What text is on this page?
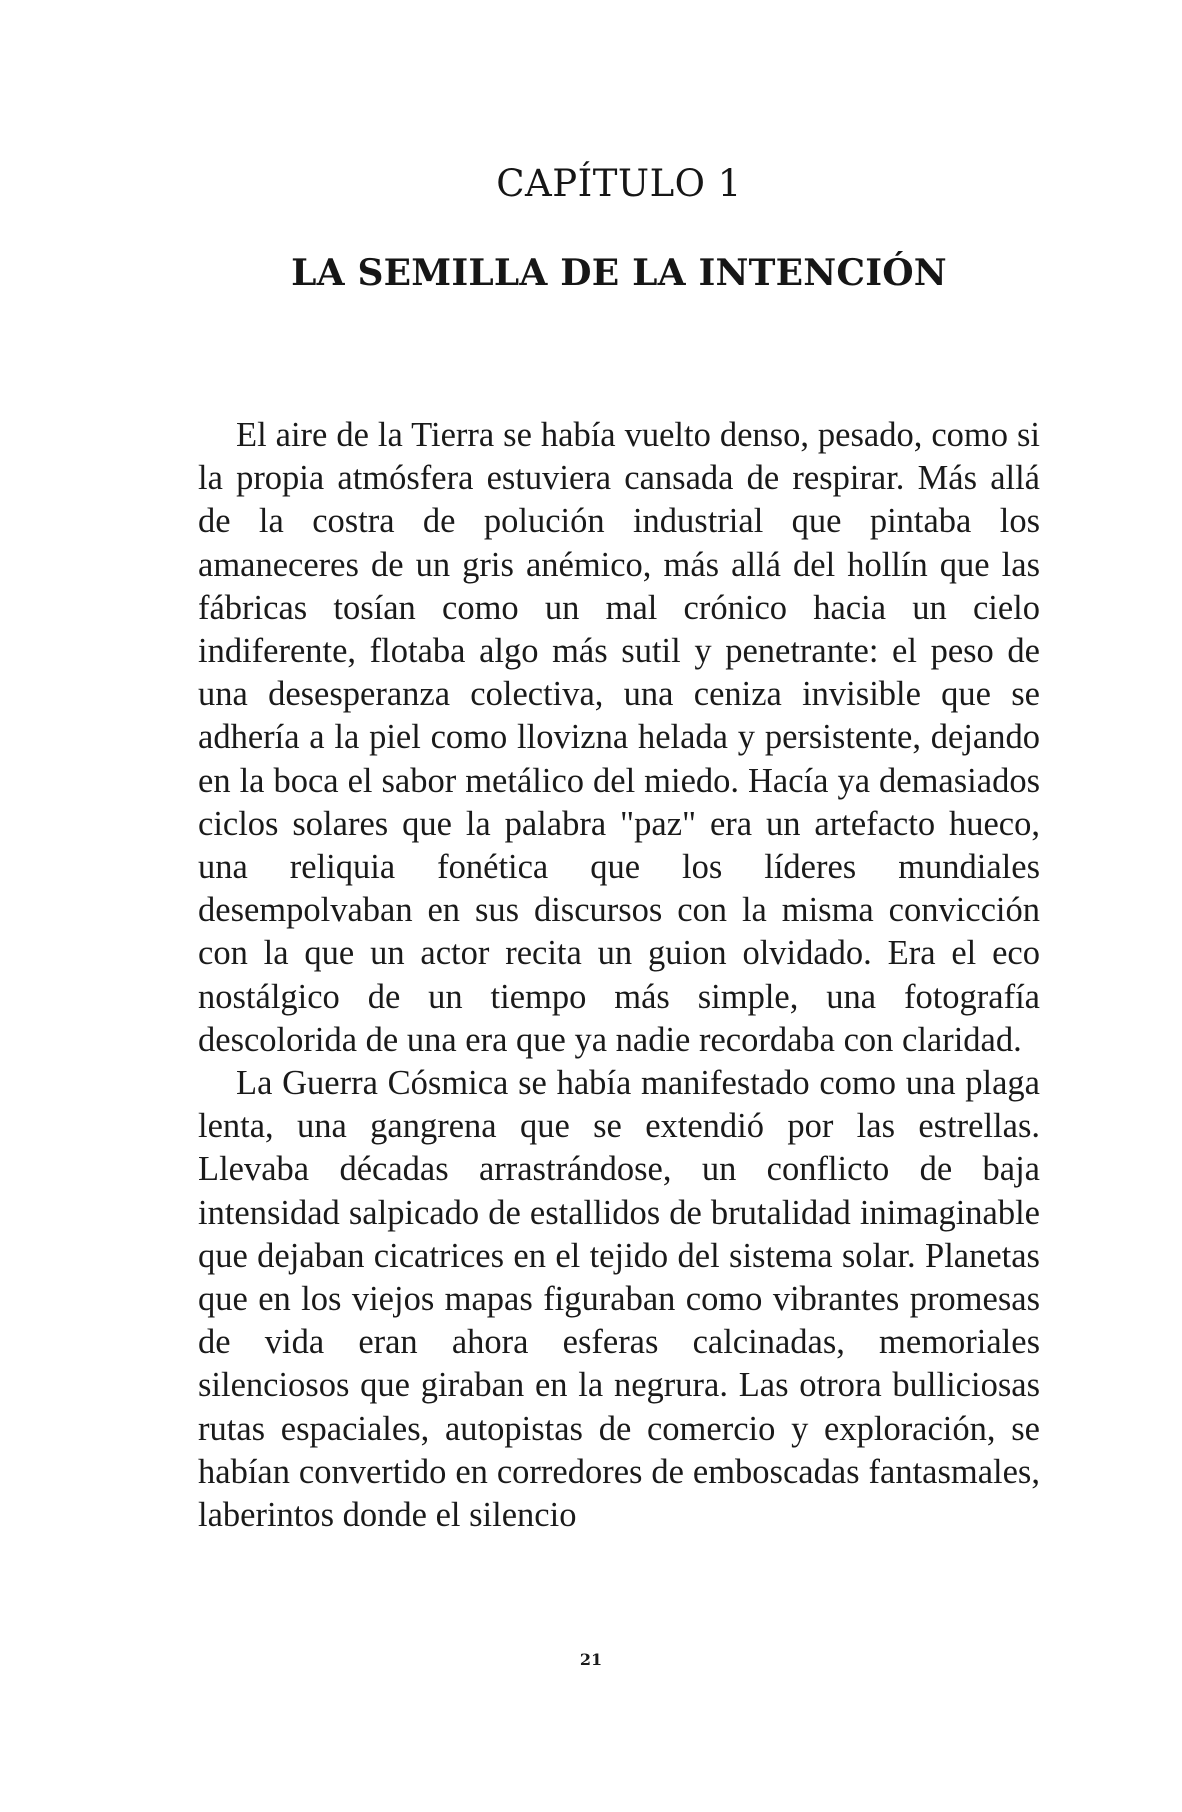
CAPÍTULO 1
LA SEMILLA DE LA INTENCIÓN

El aire de la Tierra se había vuelto denso, pesado, como si la propia atmósfera estuviera cansada de respirar. Más allá de la costra de polución industrial que pintaba los amaneceres de un gris anémico, más allá del hollín que las fábricas tosían como un mal crónico hacia un cielo indiferente, flotaba algo más sutil y penetrante: el peso de una desesperanza colectiva, una ceniza invisible que se adhería a la piel como llovizna helada y persistente, dejando en la boca el sabor metálico del miedo. Hacía ya demasiados ciclos solares que la palabra "paz" era un artefacto hueco, una reliquia fonética que los líderes mundiales desempolvaban en sus discursos con la misma convicción con la que un actor recita un guion olvidado. Era el eco nostálgico de un tiempo más simple, una fotografía descolorida de una era que ya nadie recordaba con claridad.

La Guerra Cósmica se había manifestado como una plaga lenta, una gangrena que se extendió por las estrellas. Llevaba décadas arrastrándose, un conflicto de baja intensidad salpicado de estallidos de brutalidad inimaginable que dejaban cicatrices en el tejido del sistema solar. Planetas que en los viejos mapas figuraban como vibrantes promesas de vida eran ahora esferas calcinadas, memoriales silenciosos que giraban en la negrura. Las otrora bulliciosas rutas espaciales, autopistas de comercio y exploración, se habían convertido en corredores de emboscadas fantasmales, laberintos donde el silencio

21
